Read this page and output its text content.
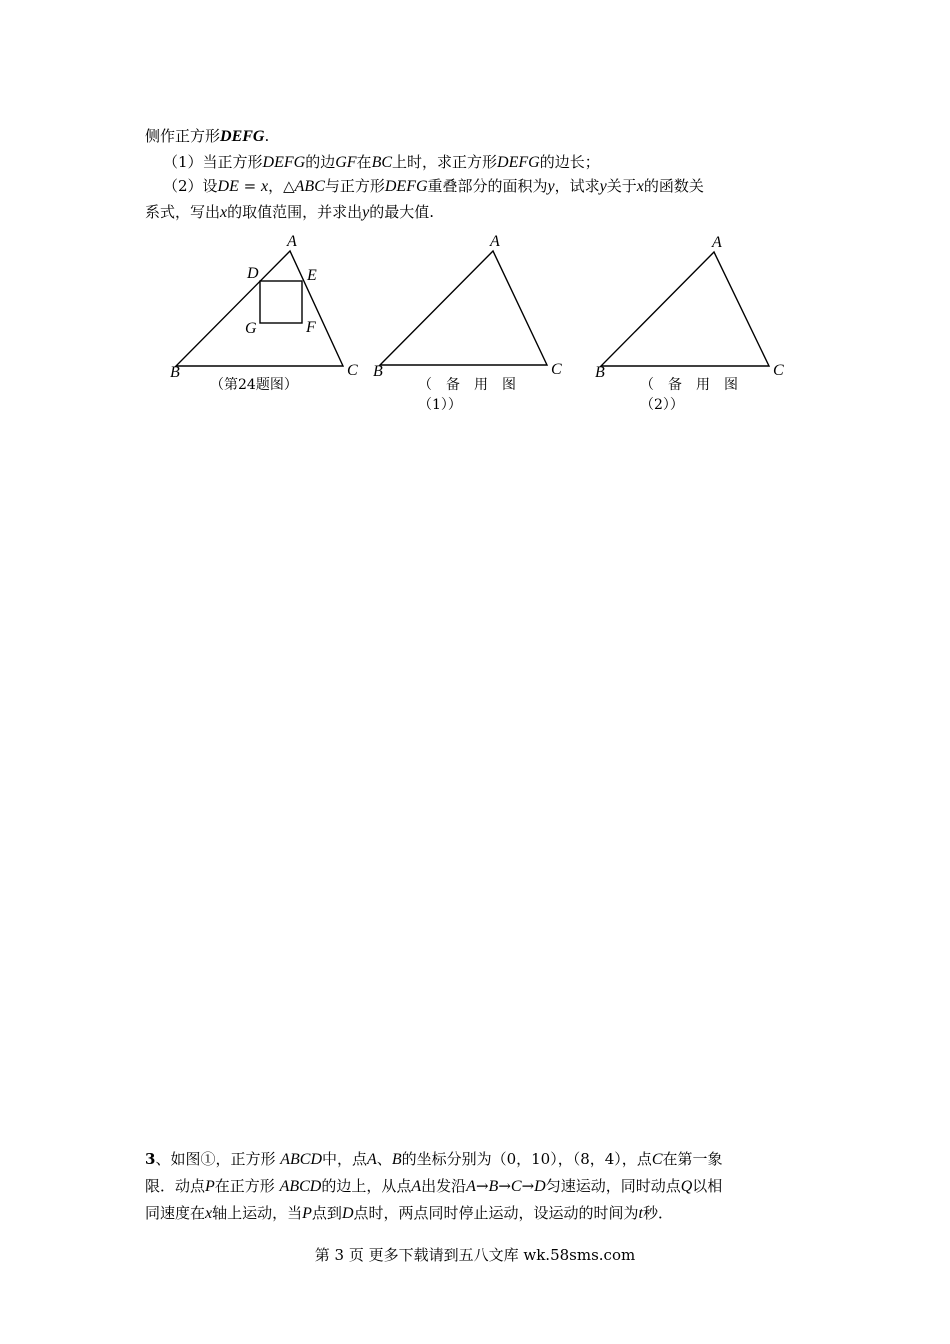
侧作正方形DEFG.
（1）当正方形DEFG的边GF在BC上时，求正方形DEFG的边长；
（2）设DE = x，△ABC与正方形DEFG重叠部分的面积为y，试求y关于x的函数关
系式，写出x的取值范围，并求出y的最大值.
A
B	C
D	E
F
G
（第24题图）
A
B	C
（　备　用　图
（1））
A
B	C
（　备　用　图
（2））
3、如图①，正方形 ABCD中，点A、B的坐标分别为（0，10），（8，4），点C在第一象
限．动点P在正方形 ABCD的边上，从点A出发沿A→B→C→D匀速运动，同时动点Q以相
同速度在x轴上运动，当P点到D点时，两点同时停止运动，设运动的时间为t秒．
第 3 页 更多下载请到五八文库 wk.58sms.com
